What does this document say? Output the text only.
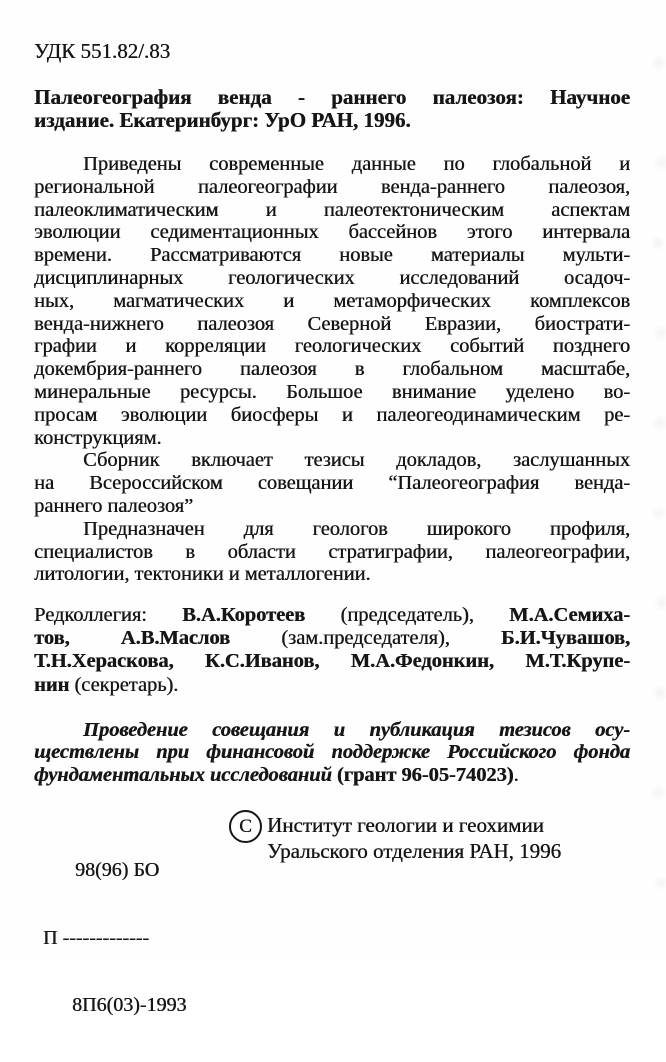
УДК 551.82/.83
Палеогеография венда - раннего палеозоя: Научное
издание. Екатеринбург: УрО РАН, 1996.
Приведены современные данные по глобальной и
региональной палеогеографии венда-раннего палеозоя,
палеоклиматическим и палеотектоническим аспектам
эволюции седиментационных бассейнов этого интервала
времени. Рассматриваются новые материалы мульти-
дисциплинарных геологических исследований осадоч-
ных, магматических и метаморфических комплексов
венда-нижнего палеозоя Северной Евразии, биострати-
графии и корреляции геологических событий позднего
докембрия-раннего палеозоя в глобальном масштабе,
минеральные ресурсы. Большое внимание уделено во-
просам эволюции биосферы и палеогеодинамическим ре-
конструкциям.
Сборник включает тезисы докладов, заслушанных
на Всероссийском совещании “Палеогеография венда-
раннего палеозоя”
Предназначен для геологов широкого профиля,
специалистов в области стратиграфии, палеогеографии,
литологии, тектоники и металлогении.
Редколлегия: В.А.Коротеев (председатель), М.А.Семиха-
тов, А.В.Маслов (зам.председателя), Б.И.Чувашов,
Т.Н.Хераскова, К.С.Иванов, М.А.Федонкин, М.Т.Крупе-
нин (секретарь).
Проведение совещания и публикация тезисов осу-
ществлены при финансовой поддержке Российского фонда
фундаментальных исследований (грант 96-05-74023).

98(96) БО

П -------------

8П6(03)-1993

C Институт геологии и геохимии
Уральского отделения РАН, 1996
